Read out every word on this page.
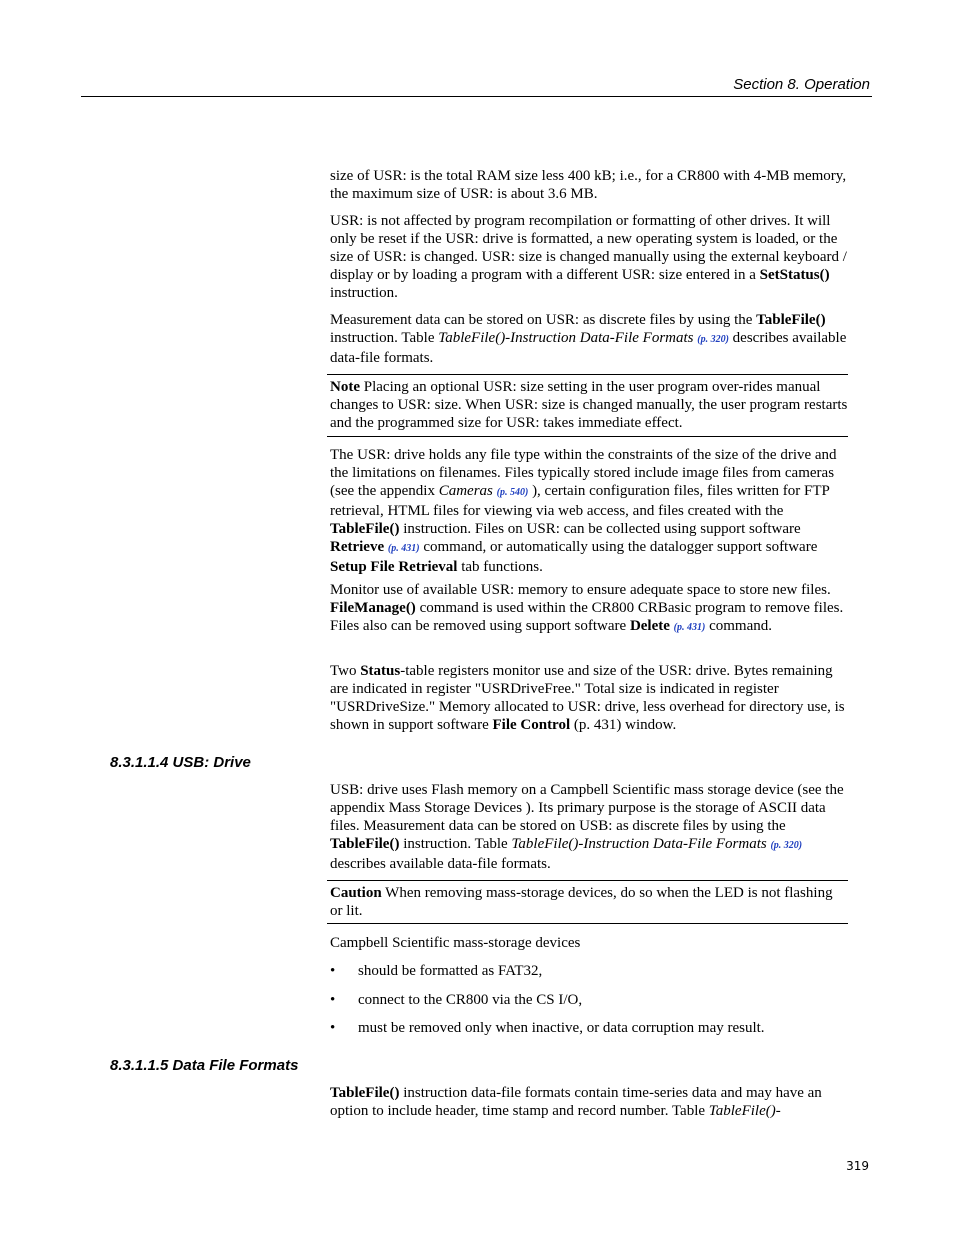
Section 8. Operation

size of USR: is the total RAM size less 400 kB; i.e., for a CR800 with 4-MB memory, the maximum size of USR: is about 3.6 MB.

USR: is not affected by program recompilation or formatting of other drives. It will only be reset if the USR: drive is formatted, a new operating system is loaded, or the size of USR: is changed. USR: size is changed manually using the external keyboard / display or by loading a program with a different USR: size entered in a SetStatus() instruction.

Measurement data can be stored on USR: as discrete files by using the TableFile() instruction. Table TableFile()-Instruction Data-File Formats (p. 320) describes available data-file formats.

Note Placing an optional USR: size setting in the user program over-rides manual changes to USR: size. When USR: size is changed manually, the user program restarts and the programmed size for USR: takes immediate effect.

The USR: drive holds any file type within the constraints of the size of the drive and the limitations on filenames. Files typically stored include image files from cameras (see the appendix Cameras (p. 540) ), certain configuration files, files written for FTP retrieval, HTML files for viewing via web access, and files created with the TableFile() instruction. Files on USR: can be collected using support software Retrieve (p. 431) command, or automatically using the datalogger support software Setup File Retrieval tab functions.

Monitor use of available USR: memory to ensure adequate space to store new files. FileManage() command is used within the CR800 CRBasic program to remove files. Files also can be removed using support software Delete (p. 431) command.

Two Status-table registers monitor use and size of the USR: drive. Bytes remaining are indicated in register "USRDriveFree." Total size is indicated in register "USRDriveSize." Memory allocated to USR: drive, less overhead for directory use, is shown in support software File Control (p. 431) window.

8.3.1.1.4 USB: Drive

USB: drive uses Flash memory on a Campbell Scientific mass storage device (see the appendix Mass Storage Devices ). Its primary purpose is the storage of ASCII data files. Measurement data can be stored on USB: as discrete files by using the TableFile() instruction. Table TableFile()-Instruction Data-File Formats (p. 320) describes available data-file formats.

Caution When removing mass-storage devices, do so when the LED is not flashing or lit.

Campbell Scientific mass-storage devices

• should be formatted as FAT32,
• connect to the CR800 via the CS I/O,
• must be removed only when inactive, or data corruption may result.
8.3.1.1.5 Data File Formats

TableFile() instruction data-file formats contain time-series data and may have an option to include header, time stamp and record number. Table TableFile()-

319
